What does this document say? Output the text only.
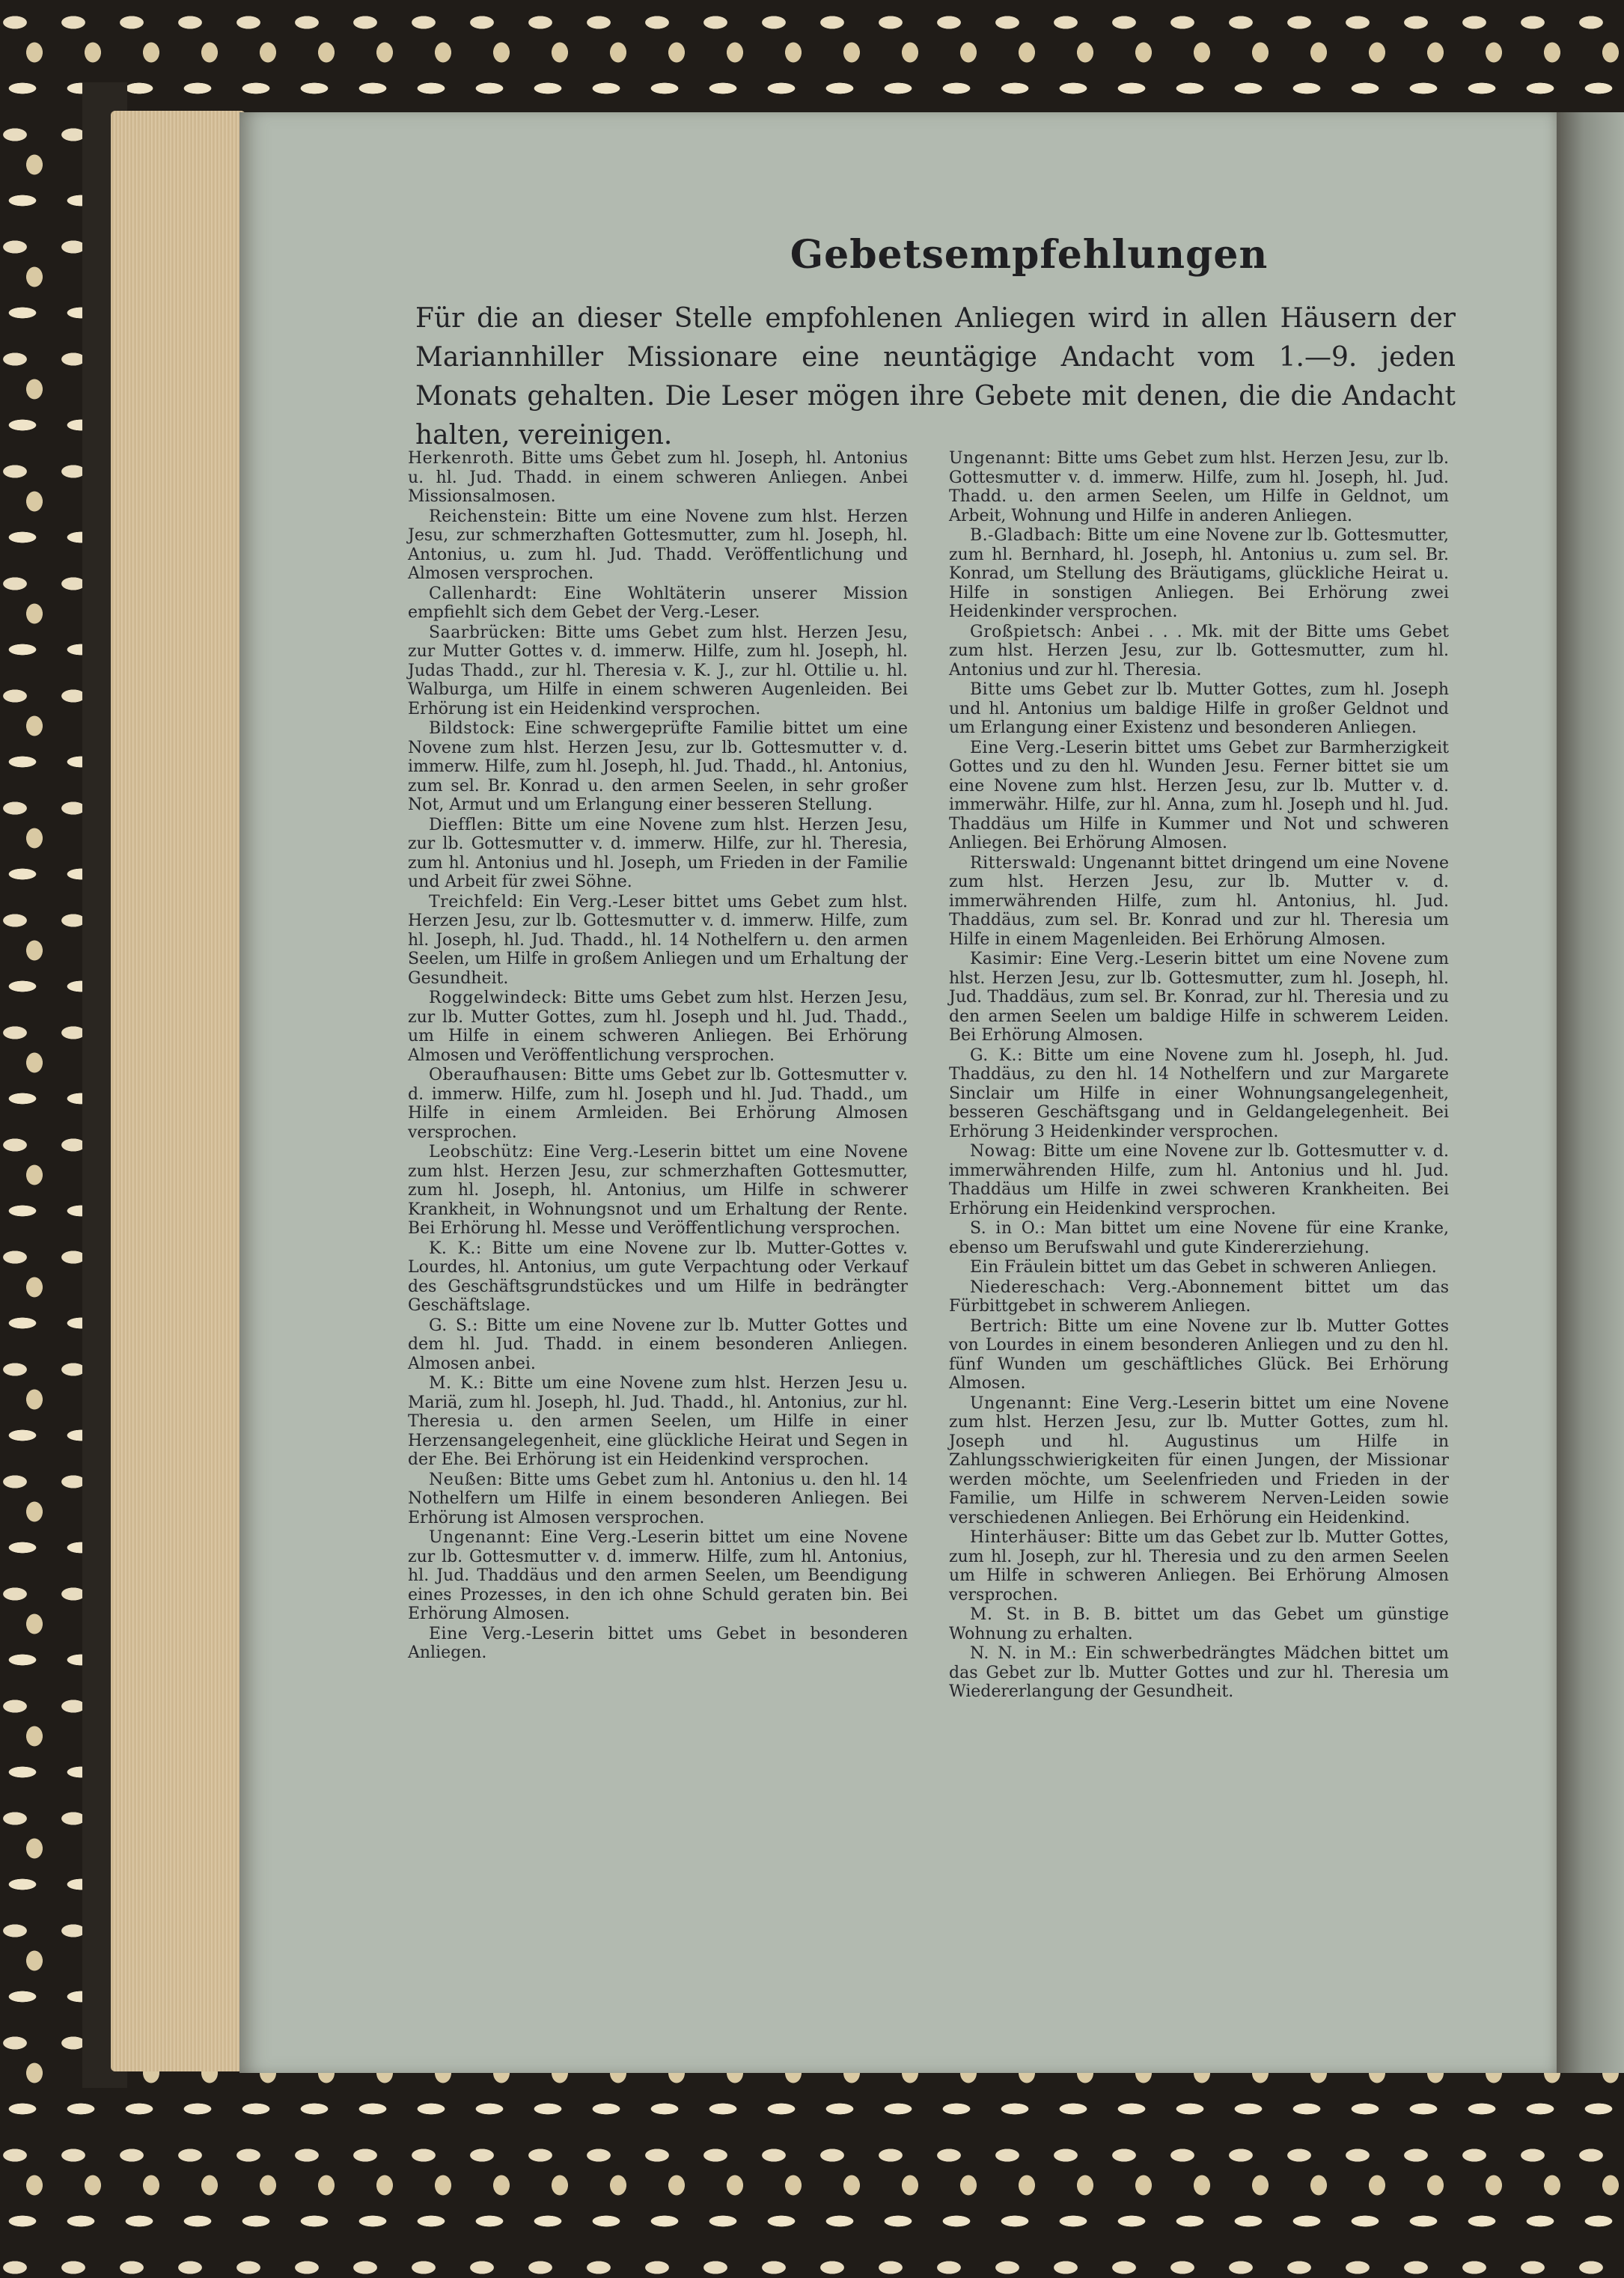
Gebetsempfehlungen
Für die an dieser Stelle empfohlenen Anliegen wird in allen Häusern der Mariannhiller Missionare eine neuntägige Andacht vom 1.—9. jeden Monats gehalten. Die Leser mögen ihre Gebete mit denen, die die Andacht halten, vereinigen.

Herkenroth. Bitte ums Gebet zum hl. Joseph, hl. Antonius u. hl. Jud. Thadd. in einem schweren Anliegen. Anbei Missionsalmosen.

Reichenstein: Bitte um eine Novene zum hlst. Herzen Jesu, zur schmerzhaften Gottesmutter, zum hl. Joseph, hl. Antonius, u. zum hl. Jud. Thadd. Veröffentlichung und Almosen versprochen.

Callenhardt: Eine Wohltäterin unserer Mission empfiehlt sich dem Gebet der Verg.-Leser.

Saarbrücken: Bitte ums Gebet zum hlst. Herzen Jesu, zur Mutter Gottes v. d. immerw. Hilfe, zum hl. Joseph, hl. Judas Thadd., zur hl. Theresia v. K. J., zur hl. Ottilie u. hl. Walburga, um Hilfe in einem schweren Augenleiden. Bei Erhörung ist ein Heidenkind versprochen.

Bildstock: Eine schwergeprüfte Familie bittet um eine Novene zum hlst. Herzen Jesu, zur lb. Gottesmutter v. d. immerw. Hilfe, zum hl. Joseph, hl. Jud. Thadd., hl. Antonius, zum sel. Br. Konrad u. den armen Seelen, in sehr großer Not, Armut und um Erlangung einer besseren Stellung.

Diefflen: Bitte um eine Novene zum hlst. Herzen Jesu, zur lb. Gottesmutter v. d. immerw. Hilfe, zur hl. Theresia, zum hl. Antonius und hl. Joseph, um Frieden in der Familie und Arbeit für zwei Söhne.

Treichfeld: Ein Verg.-Leser bittet ums Gebet zum hlst. Herzen Jesu, zur lb. Gottesmutter v. d. immerw. Hilfe, zum hl. Joseph, hl. Jud. Thadd., hl. 14 Nothelfern u. den armen Seelen, um Hilfe in großem Anliegen und um Erhaltung der Gesundheit.

Roggelwindeck: Bitte ums Gebet zum hlst. Herzen Jesu, zur lb. Mutter Gottes, zum hl. Joseph und hl. Jud. Thadd., um Hilfe in einem schweren Anliegen. Bei Erhörung Almosen und Veröffentlichung versprochen.

Oberaufhausen: Bitte ums Gebet zur lb. Gottesmutter v. d. immerw. Hilfe, zum hl. Joseph und hl. Jud. Thadd., um Hilfe in einem Armleiden. Bei Erhörung Almosen versprochen.

Leobschütz: Eine Verg.-Leserin bittet um eine Novene zum hlst. Herzen Jesu, zur schmerzhaften Gottesmutter, zum hl. Joseph, hl. Antonius, um Hilfe in schwerer Krankheit, in Wohnungsnot und um Erhaltung der Rente. Bei Erhörung hl. Messe und Veröffentlichung versprochen.

K. K.: Bitte um eine Novene zur lb. Mutter-Gottes v. Lourdes, hl. Antonius, um gute Verpachtung oder Verkauf des Geschäftsgrundstückes und um Hilfe in bedrängter Geschäftslage.

G. S.: Bitte um eine Novene zur lb. Mutter Gottes und dem hl. Jud. Thadd. in einem besonderen Anliegen. Almosen anbei.

M. K.: Bitte um eine Novene zum hlst. Herzen Jesu u. Mariä, zum hl. Joseph, hl. Jud. Thadd., hl. Antonius, zur hl. Theresia u. den armen Seelen, um Hilfe in einer Herzensangelegenheit, eine glückliche Heirat und Segen in der Ehe. Bei Erhörung ist ein Heidenkind versprochen.

Neußen: Bitte ums Gebet zum hl. Antonius u. den hl. 14 Nothelfern um Hilfe in einem besonderen Anliegen. Bei Erhörung ist Almosen versprochen.

Ungenannt: Eine Verg.-Leserin bittet um eine Novene zur lb. Gottesmutter v. d. immerw. Hilfe, zum hl. Antonius, hl. Jud. Thaddäus und den armen Seelen, um Beendigung eines Prozesses, in den ich ohne Schuld geraten bin. Bei Erhörung Almosen.

Eine Verg.-Leserin bittet ums Gebet in besonderen Anliegen.

Ungenannt: Bitte ums Gebet zum hlst. Herzen Jesu, zur lb. Gottesmutter v. d. immerw. Hilfe, zum hl. Joseph, hl. Jud. Thadd. u. den armen Seelen, um Hilfe in Geldnot, um Arbeit, Wohnung und Hilfe in anderen Anliegen.

B.-Gladbach: Bitte um eine Novene zur lb. Gottesmutter, zum hl. Bernhard, hl. Joseph, hl. Antonius u. zum sel. Br. Konrad, um Stellung des Bräutigams, glückliche Heirat u. Hilfe in sonstigen Anliegen. Bei Erhörung zwei Heidenkinder versprochen.

Großpietsch: Anbei . . . Mk. mit der Bitte ums Gebet zum hlst. Herzen Jesu, zur lb. Gottesmutter, zum hl. Antonius und zur hl. Theresia.

Bitte ums Gebet zur lb. Mutter Gottes, zum hl. Joseph und hl. Antonius um baldige Hilfe in großer Geldnot und um Erlangung einer Existenz und besonderen Anliegen.

Eine Verg.-Leserin bittet ums Gebet zur Barmherzigkeit Gottes und zu den hl. Wunden Jesu. Ferner bittet sie um eine Novene zum hlst. Herzen Jesu, zur lb. Mutter v. d. immerwähr. Hilfe, zur hl. Anna, zum hl. Joseph und hl. Jud. Thaddäus um Hilfe in Kummer und Not und schweren Anliegen. Bei Erhörung Almosen.

Ritterswald: Ungenannt bittet dringend um eine Novene zum hlst. Herzen Jesu, zur lb. Mutter v. d. immerwährenden Hilfe, zum hl. Antonius, hl. Jud. Thaddäus, zum sel. Br. Konrad und zur hl. Theresia um Hilfe in einem Magenleiden. Bei Erhörung Almosen.

Kasimir: Eine Verg.-Leserin bittet um eine Novene zum hlst. Herzen Jesu, zur lb. Gottesmutter, zum hl. Joseph, hl. Jud. Thaddäus, zum sel. Br. Konrad, zur hl. Theresia und zu den armen Seelen um baldige Hilfe in schwerem Leiden. Bei Erhörung Almosen.

G. K.: Bitte um eine Novene zum hl. Joseph, hl. Jud. Thaddäus, zu den hl. 14 Nothelfern und zur Margarete Sinclair um Hilfe in einer Wohnungsangelegenheit, besseren Geschäftsgang und in Geldangelegenheit. Bei Erhörung 3 Heidenkinder versprochen.

Nowag: Bitte um eine Novene zur lb. Gottesmutter v. d. immerwährenden Hilfe, zum hl. Antonius und hl. Jud. Thaddäus um Hilfe in zwei schweren Krankheiten. Bei Erhörung ein Heidenkind versprochen.

S. in O.: Man bittet um eine Novene für eine Kranke, ebenso um Berufswahl und gute Kindererziehung.

Ein Fräulein bittet um das Gebet in schweren Anliegen.

Niedereschach: Verg.-Abonnement bittet um das Fürbittgebet in schwerem Anliegen.

Bertrich: Bitte um eine Novene zur lb. Mutter Gottes von Lourdes in einem besonderen Anliegen und zu den hl. fünf Wunden um geschäftliches Glück. Bei Erhörung Almosen.

Ungenannt: Eine Verg.-Leserin bittet um eine Novene zum hlst. Herzen Jesu, zur lb. Mutter Gottes, zum hl. Joseph und hl. Augustinus um Hilfe in Zahlungsschwierigkeiten für einen Jungen, der Missionar werden möchte, um Seelenfrieden und Frieden in der Familie, um Hilfe in schwerem Nerven-Leiden sowie verschiedenen Anliegen. Bei Erhörung ein Heidenkind.

Hinterhäuser: Bitte um das Gebet zur lb. Mutter Gottes, zum hl. Joseph, zur hl. Theresia und zu den armen Seelen um Hilfe in schweren Anliegen. Bei Erhörung Almosen versprochen.

M. St. in B. B. bittet um das Gebet um günstige Wohnung zu erhalten.

N. N. in M.: Ein schwerbedrängtes Mädchen bittet um das Gebet zur lb. Mutter Gottes und zur hl. Theresia um Wiedererlangung der Gesundheit.
